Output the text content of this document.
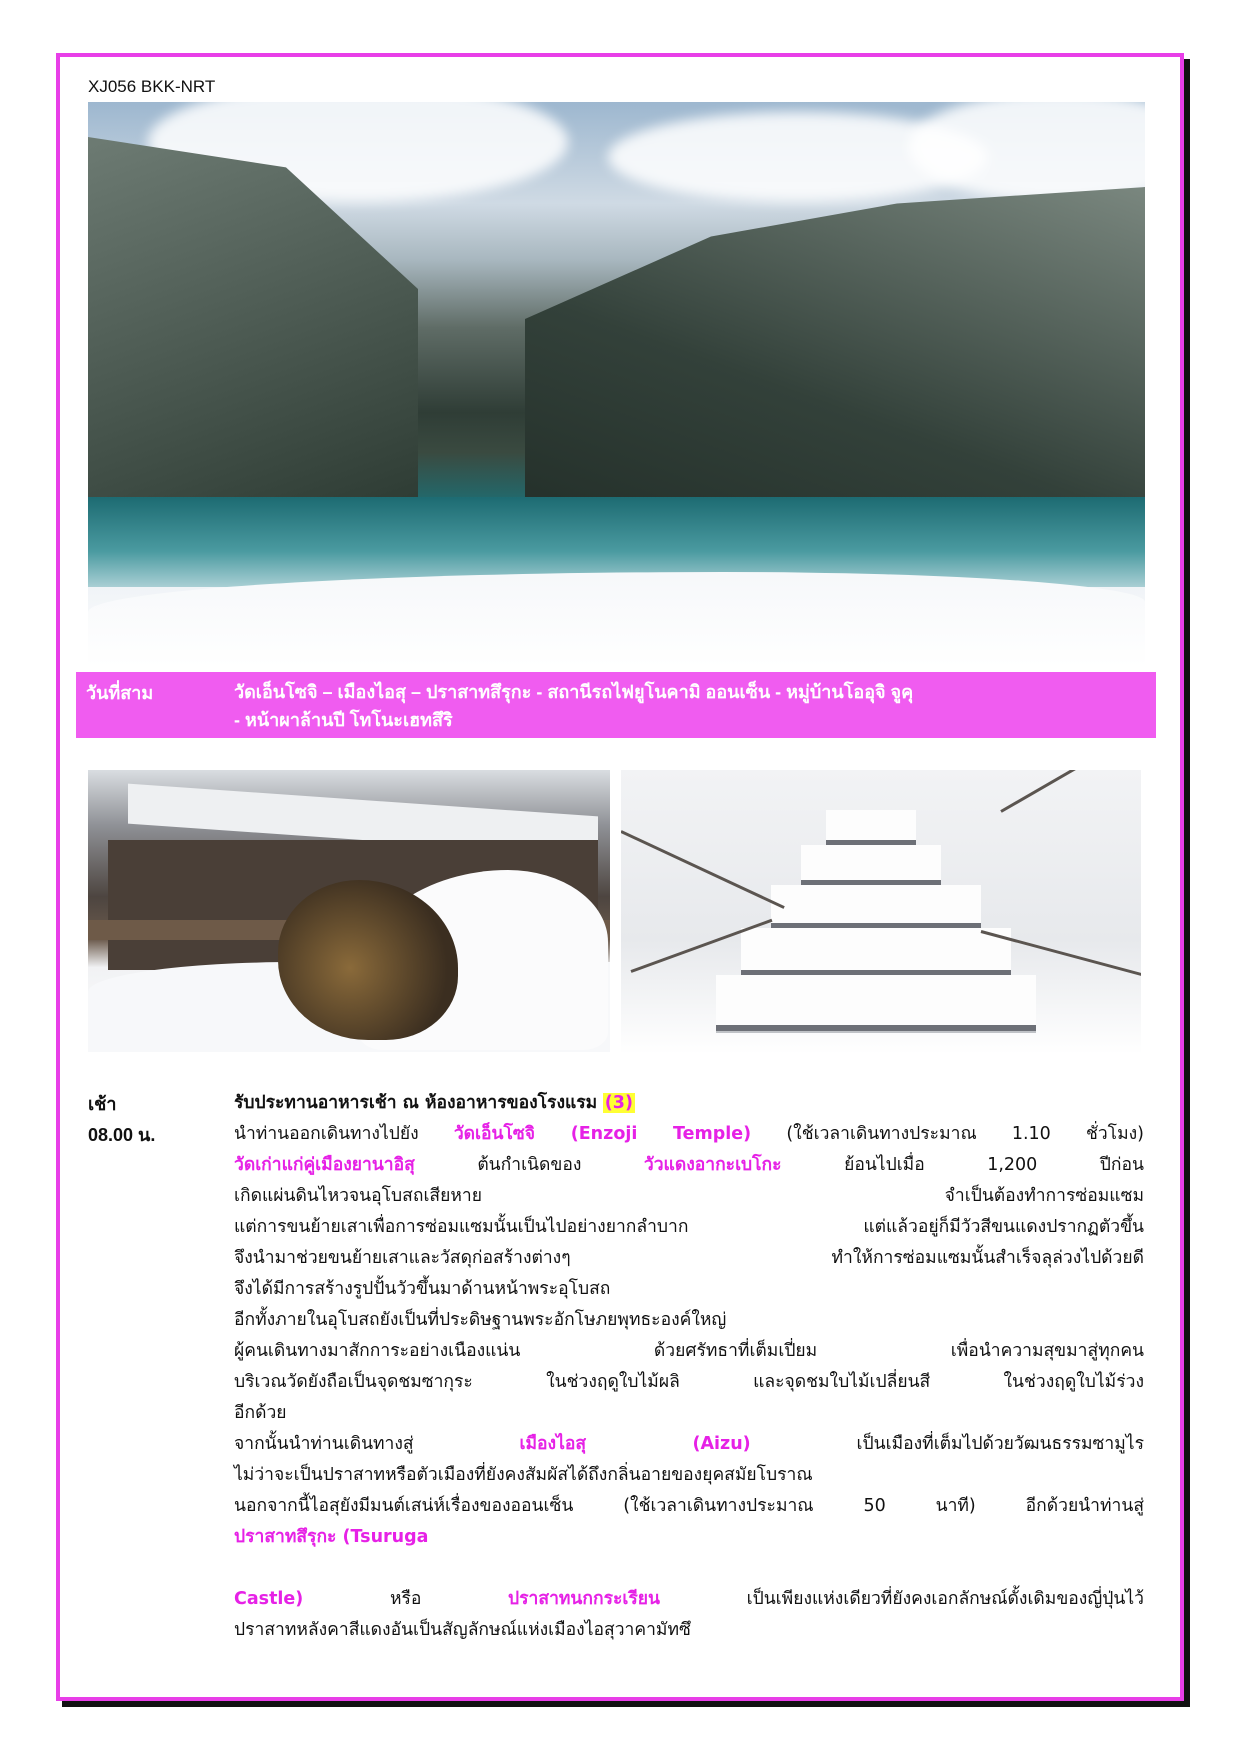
XJ056 BKK-NRT
วันที่สาม	วัดเอ็นโซจิ – เมืองไอสุ – ปราสาทสึรุกะ - สถานีรถไฟยูโนคามิ ออนเซ็น - หมู่บ้านโออุจิ จูคุ
- หน้าผาล้านปี โทโนะเฮทสึริ
เช้า
08.00 น.

รับประทานอาหารเช้า ณ ห้องอาหารของโรงแรม (3)

นำท่านออกเดินทางไปยัง วัดเอ็นโซจิ (Enzoji Temple) (ใช้เวลาเดินทางประมาณ 1.10 ชั่วโมง)

วัดเก่าแก่คู่เมืองยานาอิสุ	ต้นกำเนิดของ	วัวแดงอากะเบโกะ	ย้อนไปเมื่อ 1,200 ปีก่อน

เกิดแผ่นดินไหวจนอุโบสถเสียหาย จำเป็นต้องทำการซ่อมแซม

แต่การขนย้ายเสาเพื่อการซ่อมแซมนั้นเป็นไปอย่างยากลำบาก แต่แล้วอยู่ก็มีวัวสีขนแดงปรากฏตัวขึ้น

จึงนำมาช่วยขนย้ายเสาและวัสดุก่อสร้างต่างๆ ทำให้การซ่อมแซมนั้นสำเร็จลุล่วงไปด้วยดี

จึงได้มีการสร้างรูปปั้นวัวขึ้นมาด้านหน้าพระอุโบสถ

อีกทั้งภายในอุโบสถยังเป็นที่ประดิษฐานพระอักโษภยพุทธะองค์ใหญ่

ผู้คนเดินทางมาสักการะอย่างเนืองแน่น ด้วยศรัทธาที่เต็มเปี่ยม เพื่อนำความสุขมาสู่ทุกคน

บริเวณวัดยังถือเป็นจุดชมซากุระ ในช่วงฤดูใบไม้ผลิ และจุดชมใบไม้เปลี่ยนสี ในช่วงฤดูใบไม้ร่วง

อีกด้วย

จากนั้นนำท่านเดินทางสู่	เมืองไอสุ (Aizu)	เป็นเมืองที่เต็มไปด้วยวัฒนธรรมซามูไร

ไม่ว่าจะเป็นปราสาทหรือตัวเมืองที่ยังคงสัมผัสได้ถึงกลิ่นอายของยุคสมัยโบราณ

นอกจากนี้ไอสุยังมีมนต์เสน่ห์เรื่องของออนเซ็น (ใช้เวลาเดินทางประมาณ 50 นาที) อีกด้วยนำท่านสู่

ปราสาทสึรุกะ (Tsuruga

Castle)	หรือ	ปราสาทนกกระเรียน	เป็นเพียงแห่งเดียวที่ยังคงเอกลักษณ์ดั้งเดิมของญี่ปุ่นไว้

ปราสาทหลังคาสีแดงอันเป็นสัญลักษณ์แห่งเมืองไอสุวาคามัทซึ
